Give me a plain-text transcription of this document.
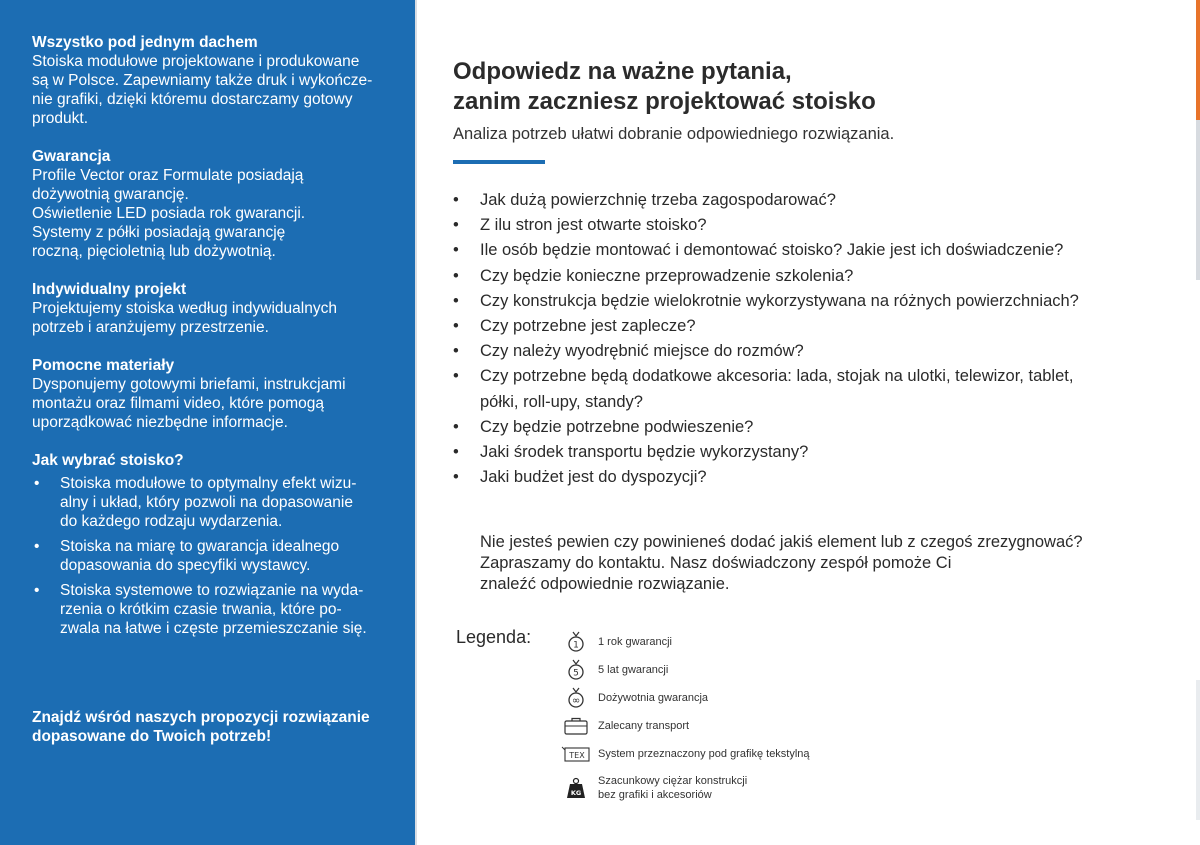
Wszystko pod jednym dachem
Stoiska modułowe projektowane i produkowane
są w Polsce. Zapewniamy także druk i wykończe-
nie grafiki, dzięki któremu dostarczamy gotowy
produkt.
Gwarancja
Profile Vector oraz Formulate posiadają
dożywotnią gwarancję.
Oświetlenie LED posiada rok gwarancji.
Systemy z półki posiadają gwarancję
roczną, pięcioletnią lub dożywotnią.
Indywidualny projekt
Projektujemy stoiska według indywidualnych
potrzeb i aranżujemy przestrzenie.
Pomocne materiały
Dysponujemy gotowymi briefami, instrukcjami
montażu oraz filmami video, które pomogą
uporządkować niezbędne informacje.
Jak wybrać stoisko?
• Stoiska modułowe to optymalny efekt wizu-
alny i układ, który pozwoli na dopasowanie
do każdego rodzaju wydarzenia.
• Stoiska na miarę to gwarancja idealnego
dopasowania do specyfiki wystawcy.
• Stoiska systemowe to rozwiązanie na wyda-
rzenia o krótkim czasie trwania, które po-
zwala na łatwe i częste przemieszczanie się.
Znajdź wśród naszych propozycji rozwiązanie
dopasowane do Twoich potrzeb!
Odpowiedz na ważne pytania,
zanim zaczniesz projektować stoisko
Analiza potrzeb ułatwi dobranie odpowiedniego rozwiązania.
• Jak dużą powierzchnię trzeba zagospodarować?
• Z ilu stron jest otwarte stoisko?
• Ile osób będzie montować i demontować stoisko? Jakie jest ich doświadczenie?
• Czy będzie konieczne przeprowadzenie szkolenia?
• Czy konstrukcja będzie wielokrotnie wykorzystywana na różnych powierzchniach?
• Czy potrzebne jest zaplecze?
• Czy należy wyodrębnić miejsce do rozmów?
• Czy potrzebne będą dodatkowe akcesoria: lada, stojak na ulotki, telewizor, tablet,
półki, roll-upy, standy?
• Czy będzie potrzebne podwieszenie?
• Jaki środek transportu będzie wykorzystany?
• Jaki budżet jest do dyspozycji?
Nie jesteś pewien czy powinieneś dodać jakiś element lub z czegoś zrezygnować?
Zapraszamy do kontaktu. Nasz doświadczony zespół pomoże Ci
znaleźć odpowiednie rozwiązanie.
Legenda:	1 1 rok gwarancji
5 5 lat gwarancji
∞ Dożywotnia gwarancja
Zalecany transport
TEX System przeznaczony pod grafikę tekstylną
KG
Szacunkowy ciężar konstrukcji
bez grafiki i akcesoriów
